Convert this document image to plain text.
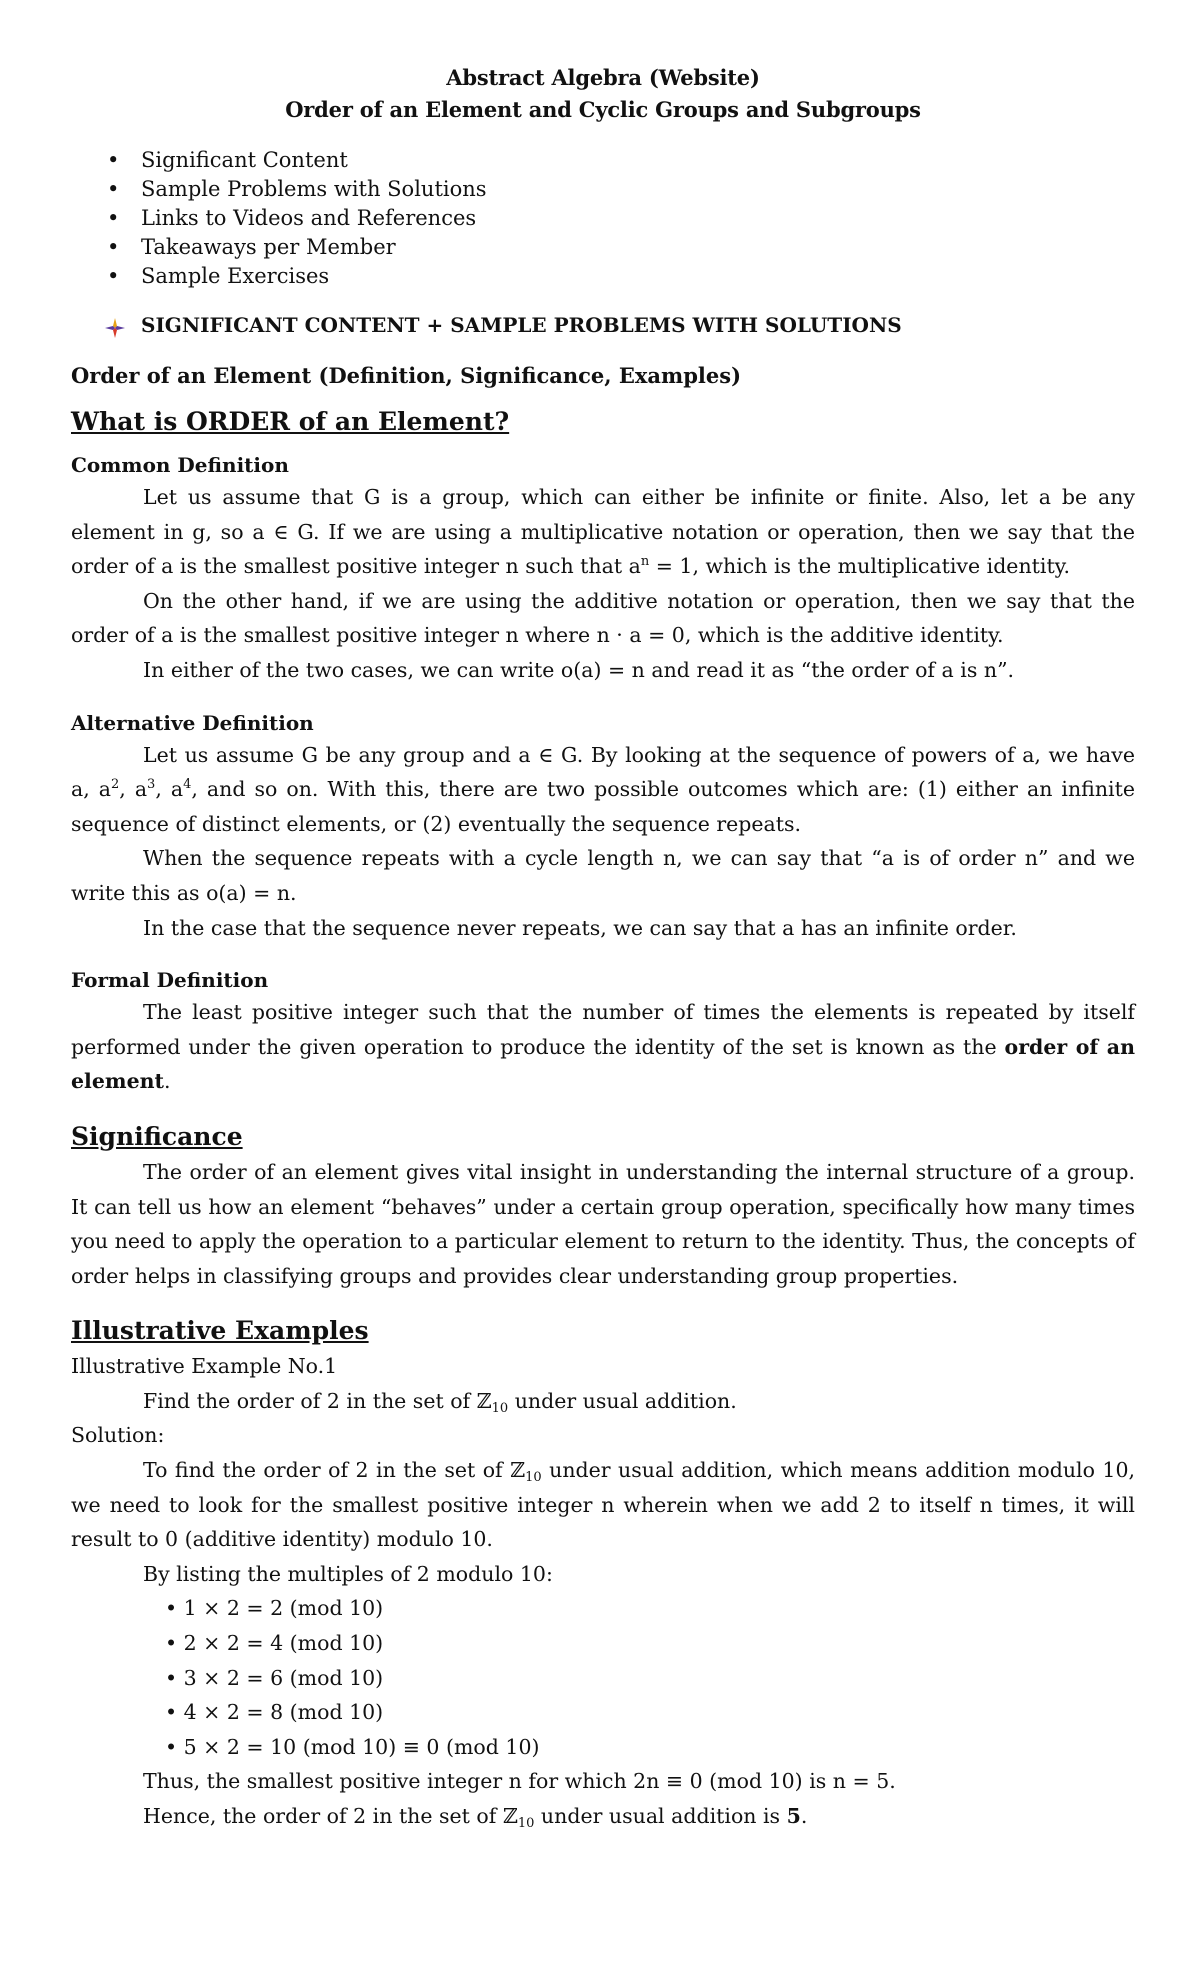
Abstract Algebra (Website)
Order of an Element and Cyclic Groups and Subgroups
• Significant Content
• Sample Problems with Solutions
• Links to Videos and References
• Takeaways per Member
• Sample Exercises
SIGNIFICANT CONTENT + SAMPLE PROBLEMS WITH SOLUTIONS
Order of an Element (Definition, Significance, Examples)
What is ORDER of an Element?
Common Definition

Let us assume that G is a group, which can either be infinite or finite. Also, let a be any element in g, so a ∈ G. If we are using a multiplicative notation or operation, then we say that the order of a is the smallest positive integer n such that $a^n = 1$, which is the multiplicative identity.

On the other hand, if we are using the additive notation or operation, then we say that the order of a is the smallest positive integer n where n · a = 0, which is the additive identity.

In either of the two cases, we can write o(a) = n and read it as “the order of a is n”.

Alternative Definition

Let us assume G be any group and a ∈ G. By looking at the sequence of powers of a, we have a, $a^2$, $a^3$, $a^4$, and so on. With this, there are two possible outcomes which are: (1) either an infinite sequence of distinct elements, or (2) eventually the sequence repeats.

When the sequence repeats with a cycle length n, we can say that “a is of order n” and we write this as o(a) = n.

In the case that the sequence never repeats, we can say that a has an infinite order.

Formal Definition

The least positive integer such that the number of times the elements is repeated by itself performed under the given operation to produce the identity of the set is known as the order of an element.

Significance

The order of an element gives vital insight in understanding the internal structure of a group. It can tell us how an element “behaves” under a certain group operation, specifically how many times you need to apply the operation to a particular element to return to the identity. Thus, the concepts of order helps in classifying groups and provides clear understanding group properties.

Illustrative Examples

Illustrative Example No.1

Find the order of 2 in the set of ℤ$_{10}$ under usual addition.

Solution:

To find the order of 2 in the set of ℤ$_{10}$ under usual addition, which means addition modulo 10, we need to look for the smallest positive integer n wherein when we add 2 to itself n times, it will result to 0 (additive identity) modulo 10.

By listing the multiples of 2 modulo 10:

• 1 × 2 = 2 (mod 10)
• 2 × 2 = 4 (mod 10)
• 3 × 2 = 6 (mod 10)
• 4 × 2 = 8 (mod 10)
• 5 × 2 = 10 (mod 10) ≡ 0 (mod 10)

Thus, the smallest positive integer n for which 2n ≡ 0 (mod 10) is n = 5.

Hence, the order of 2 in the set of ℤ$_{10}$ under usual addition is 5.
